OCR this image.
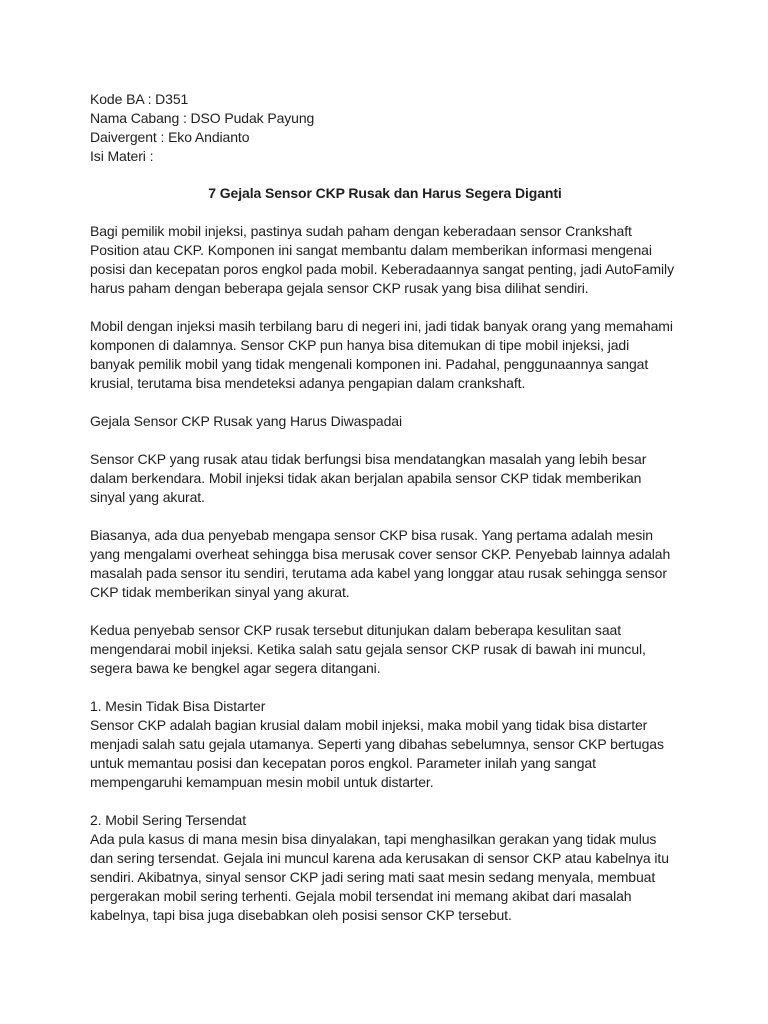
Kode BA : D351
Nama Cabang : DSO Pudak Payung
Daivergent : Eko Andianto
Isi Materi :
7 Gejala Sensor CKP Rusak dan Harus Segera Diganti
Bagi pemilik mobil injeksi, pastinya sudah paham dengan keberadaan sensor Crankshaft
Position atau CKP. Komponen ini sangat membantu dalam memberikan informasi mengenai
posisi dan kecepatan poros engkol pada mobil. Keberadaannya sangat penting, jadi AutoFamily
harus paham dengan beberapa gejala sensor CKP rusak yang bisa dilihat sendiri.
Mobil dengan injeksi masih terbilang baru di negeri ini, jadi tidak banyak orang yang memahami
komponen di dalamnya. Sensor CKP pun hanya bisa ditemukan di tipe mobil injeksi, jadi
banyak pemilik mobil yang tidak mengenali komponen ini. Padahal, penggunaannya sangat
krusial, terutama bisa mendeteksi adanya pengapian dalam crankshaft.
Gejala Sensor CKP Rusak yang Harus Diwaspadai
Sensor CKP yang rusak atau tidak berfungsi bisa mendatangkan masalah yang lebih besar
dalam berkendara. Mobil injeksi tidak akan berjalan apabila sensor CKP tidak memberikan
sinyal yang akurat.
Biasanya, ada dua penyebab mengapa sensor CKP bisa rusak. Yang pertama adalah mesin
yang mengalami overheat sehingga bisa merusak cover sensor CKP. Penyebab lainnya adalah
masalah pada sensor itu sendiri, terutama ada kabel yang longgar atau rusak sehingga sensor
CKP tidak memberikan sinyal yang akurat.
Kedua penyebab sensor CKP rusak tersebut ditunjukan dalam beberapa kesulitan saat
mengendarai mobil injeksi. Ketika salah satu gejala sensor CKP rusak di bawah ini muncul,
segera bawa ke bengkel agar segera ditangani.
1. Mesin Tidak Bisa Distarter
Sensor CKP adalah bagian krusial dalam mobil injeksi, maka mobil yang tidak bisa distarter
menjadi salah satu gejala utamanya. Seperti yang dibahas sebelumnya, sensor CKP bertugas
untuk memantau posisi dan kecepatan poros engkol. Parameter inilah yang sangat
mempengaruhi kemampuan mesin mobil untuk distarter.
2. Mobil Sering Tersendat
Ada pula kasus di mana mesin bisa dinyalakan, tapi menghasilkan gerakan yang tidak mulus
dan sering tersendat. Gejala ini muncul karena ada kerusakan di sensor CKP atau kabelnya itu
sendiri. Akibatnya, sinyal sensor CKP jadi sering mati saat mesin sedang menyala, membuat
pergerakan mobil sering terhenti. Gejala mobil tersendat ini memang akibat dari masalah
kabelnya, tapi bisa juga disebabkan oleh posisi sensor CKP tersebut.
